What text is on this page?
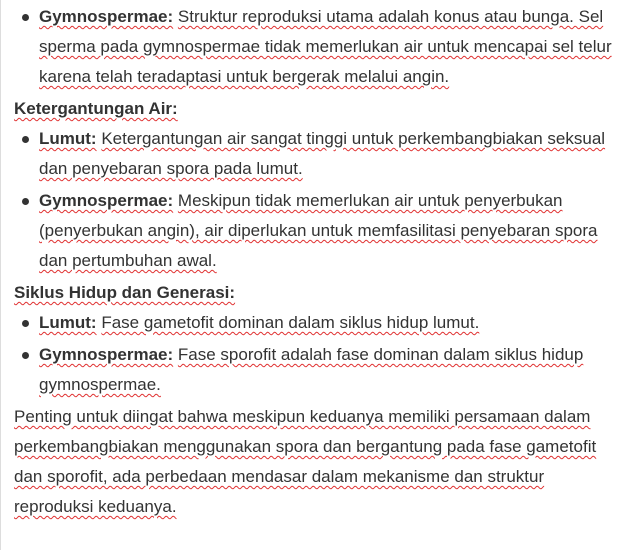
Gymnospermae: Struktur reproduksi utama adalah konus atau bunga. Sel sperma pada gymnospermae tidak memerlukan air untuk mencapai sel telur karena telah teradaptasi untuk bergerak melalui angin.

Ketergantungan Air:

Lumut: Ketergantungan air sangat tinggi untuk perkembangbiakan seksual dan penyebaran spora pada lumut.
Gymnospermae: Meskipun tidak memerlukan air untuk penyerbukan (penyerbukan angin), air diperlukan untuk memfasilitasi penyebaran spora dan pertumbuhan awal.

Siklus Hidup dan Generasi:

Lumut: Fase gametofit dominan dalam siklus hidup lumut.
Gymnospermae: Fase sporofit adalah fase dominan dalam siklus hidup gymnospermae.

Penting untuk diingat bahwa meskipun keduanya memiliki persamaan dalam perkembangbiakan menggunakan spora dan bergantung pada fase gametofit dan sporofit, ada perbedaan mendasar dalam mekanisme dan struktur reproduksi keduanya.
